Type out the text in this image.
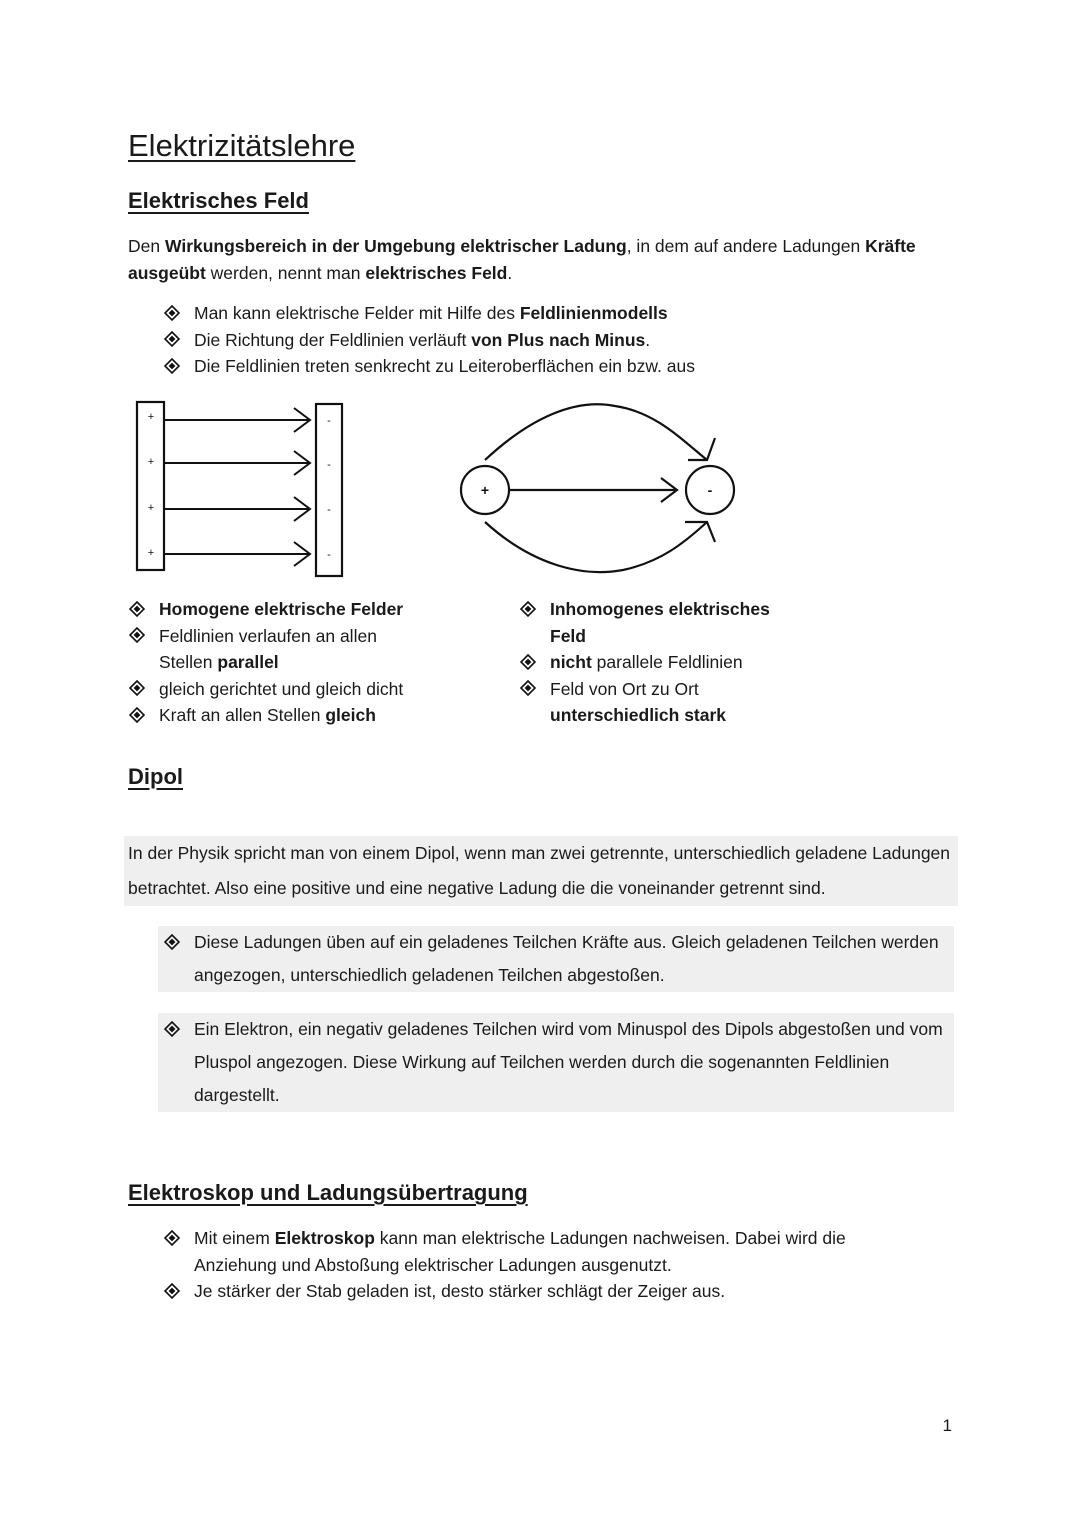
Elektrizitätslehre
Elektrisches Feld
Den Wirkungsbereich in der Umgebung elektrischer Ladung, in dem auf andere Ladungen Kräfte ausgeübt werden, nennt man elektrisches Feld.
Man kann elektrische Felder mit Hilfe des Feldlinienmodells
Die Richtung der Feldlinien verläuft von Plus nach Minus.
Die Feldlinien treten senkrecht zu Leiteroberflächen ein bzw. aus
+
+
+
+
-
-
-
-
+	-
Homogene elektrische Felder
Feldlinien verlaufen an allen Stellen parallel
gleich gerichtet und gleich dicht
Kraft an allen Stellen gleich
Inhomogenes elektrisches Feld
nicht parallele Feldlinien
Feld von Ort zu Ort unterschiedlich stark
Dipol
In der Physik spricht man von einem Dipol, wenn man zwei getrennte, unterschiedlich geladene Ladungen betrachtet. Also eine positive und eine negative Ladung die die voneinander getrennt sind.
Diese Ladungen üben auf ein geladenes Teilchen Kräfte aus. Gleich geladenen Teilchen werden angezogen, unterschiedlich geladenen Teilchen abgestoßen.
Ein Elektron, ein negativ geladenes Teilchen wird vom Minuspol des Dipols abgestoßen und vom Pluspol angezogen. Diese Wirkung auf Teilchen werden durch die sogenannten Feldlinien dargestellt.
Elektroskop und Ladungsübertragung
Mit einem Elektroskop kann man elektrische Ladungen nachweisen. Dabei wird die Anziehung und Abstoßung elektrischer Ladungen ausgenutzt.
Je stärker der Stab geladen ist, desto stärker schlägt der Zeiger aus.
1
